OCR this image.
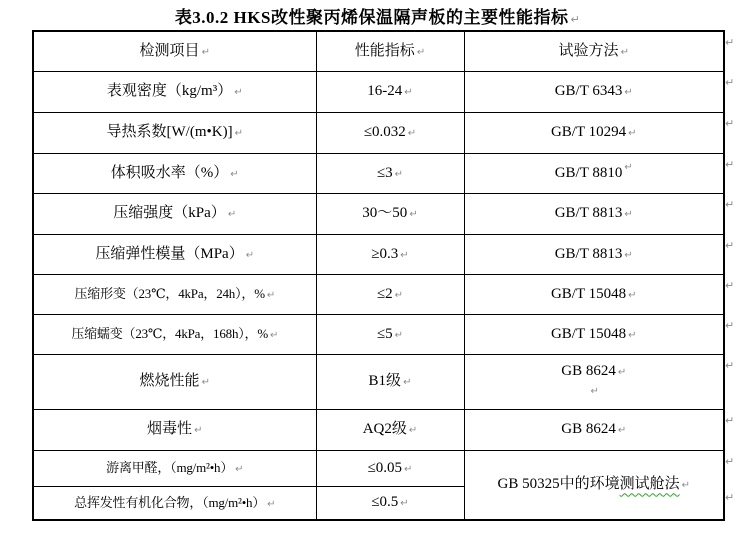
表3.0.2 HKS改性聚丙烯保温隔声板的主要性能指标 ↵
检测项目 ↵	性能指标 ↵	试验方法 ↵

表观密度（kg/m³） ↵	16-24 ↵	GB/T 6343 ↵

导热系数[W/(m•K)] ↵	≤0.032 ↵	GB/T 10294 ↵

体积吸水率（%） ↵	≤3 ↵	GB/T 8810 ↵

压缩强度（kPa） ↵	30～50 ↵	GB/T 8813 ↵

压缩弹性模量（MPa） ↵	≥0.3 ↵	GB/T 8813 ↵

压缩形变（23℃，4kPa，24h），% ↵	≤2 ↵	GB/T 15048 ↵

压缩蠕变（23℃，4kPa，168h），% ↵	≤5 ↵	GB/T 15048 ↵

燃烧性能 ↵	B1级 ↵	GB 8624 ↵
↵

烟毒性 ↵	AQ2级 ↵	GB 8624 ↵

游离甲醛，（mg/m²•h） ↵	≤0.05 ↵	GB 50325中的环境测试舱法 ↵

总挥发性有机化合物，（mg/m²•h） ↵	≤0.5 ↵	
↵
↵
↵
↵
↵
↵
↵
↵
↵
↵
↵
↵
